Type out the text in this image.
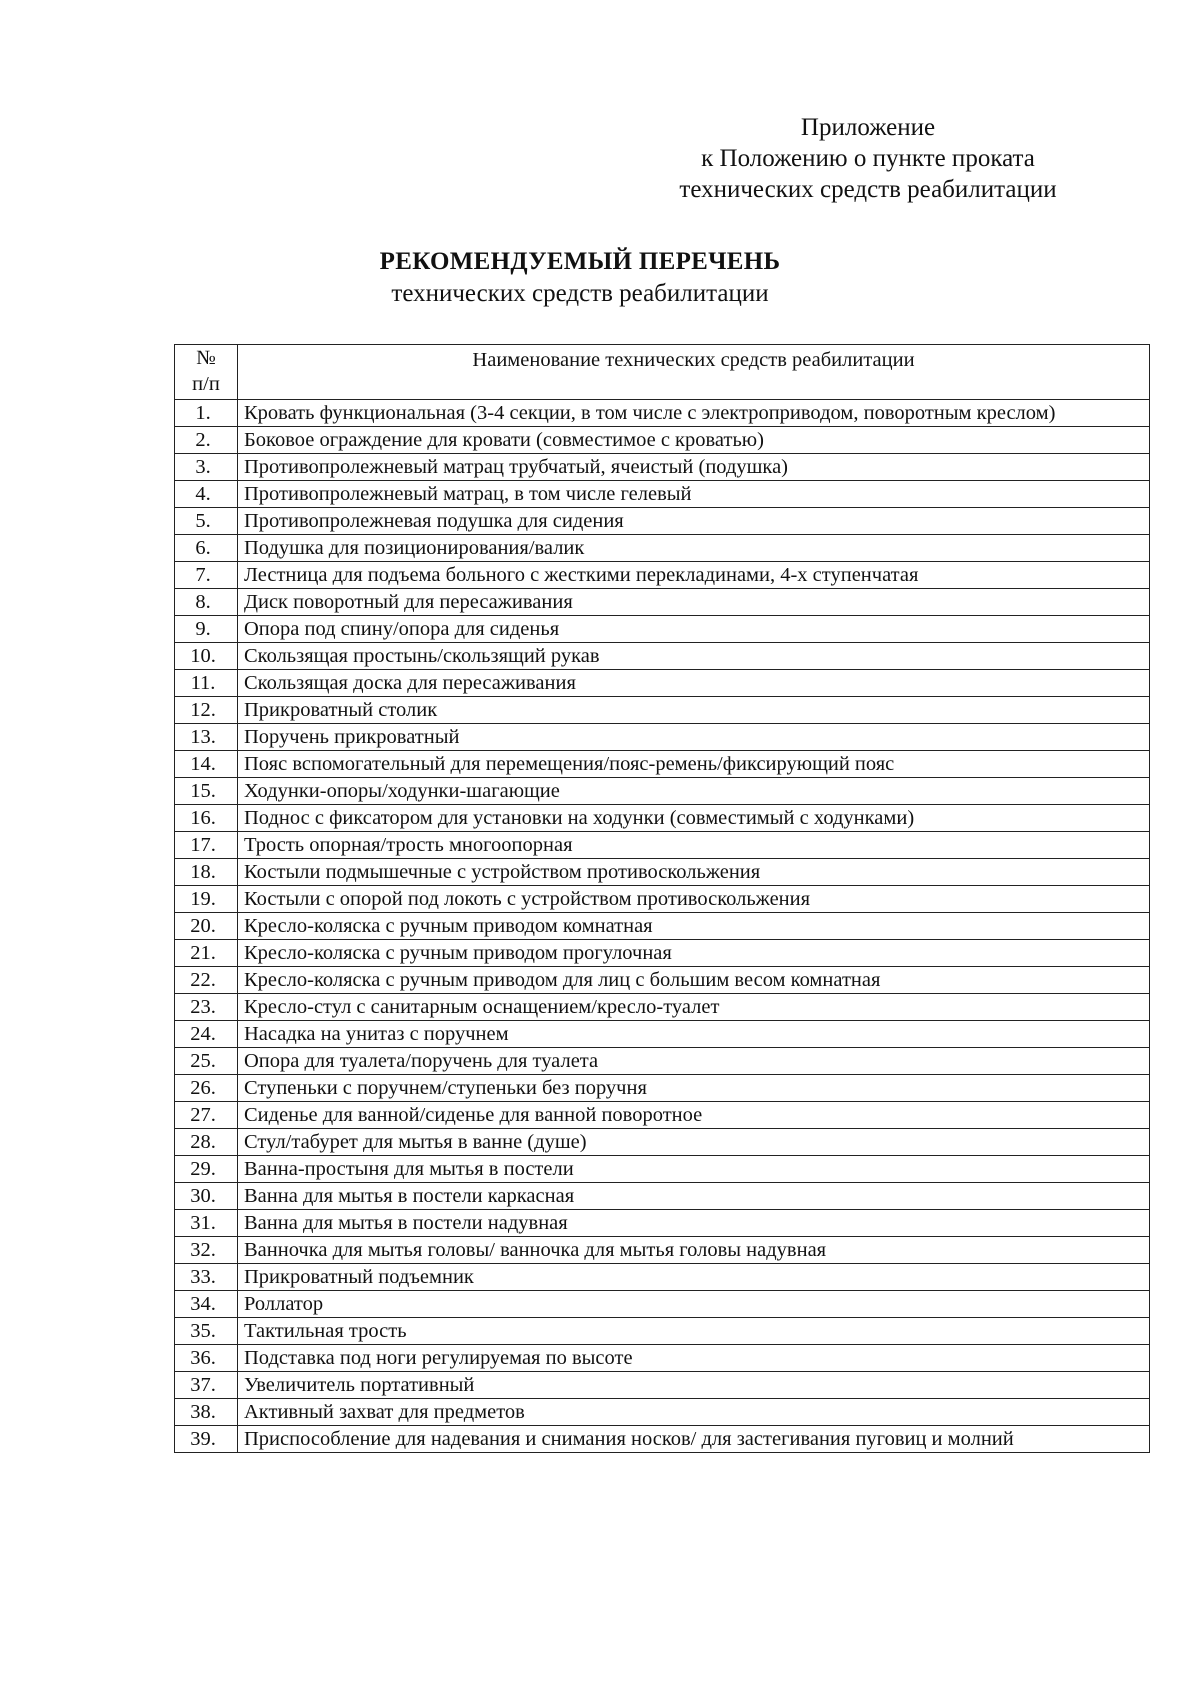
Приложение
к Положению о пункте проката
технических средств реабилитации
РЕКОМЕНДУЕМЫЙ ПЕРЕЧЕНЬ
технических средств реабилитации
№
п/п	Наименование технических средств реабилитации
1.	Кровать функциональная (3-4 секции, в том числе с электроприводом, поворотным креслом)
2.	Боковое ограждение для кровати (совместимое с кроватью)
3.	Противопролежневый матрац трубчатый, ячеистый (подушка)
4.	Противопролежневый матрац, в том числе гелевый
5.	Противопролежневая подушка для сидения
6.	Подушка для позиционирования/валик
7.	Лестница для подъема больного с жесткими перекладинами, 4-х ступенчатая
8.	Диск поворотный для пересаживания
9.	Опора под спину/опора для сиденья
10.	Скользящая простынь/скользящий рукав
11.	Скользящая доска для пересаживания
12.	Прикроватный столик
13.	Поручень прикроватный
14.	Пояс вспомогательный для перемещения/пояс-ремень/фиксирующий пояс
15.	Ходунки-опоры/ходунки-шагающие
16.	Поднос с фиксатором для установки на ходунки (совместимый с ходунками)
17.	Трость опорная/трость многоопорная
18.	Костыли подмышечные с устройством противоскольжения
19.	Костыли с опорой под локоть с устройством противоскольжения
20.	Кресло-коляска с ручным приводом комнатная
21.	Кресло-коляска с ручным приводом прогулочная
22.	Кресло-коляска с ручным приводом для лиц с большим весом комнатная
23.	Кресло-стул с санитарным оснащением/кресло-туалет
24.	Насадка на унитаз с поручнем
25.	Опора для туалета/поручень для туалета
26.	Ступеньки с поручнем/ступеньки без поручня
27.	Сиденье для ванной/сиденье для ванной поворотное
28.	Стул/табурет для мытья в ванне (душе)
29.	Ванна-простыня для мытья в постели
30.	Ванна для мытья в постели каркасная
31.	Ванна для мытья в постели надувная
32.	Ванночка для мытья головы/ ванночка для мытья головы надувная
33.	Прикроватный подъемник
34.	Роллатор
35.	Тактильная трость
36.	Подставка под ноги регулируемая по высоте
37.	Увеличитель портативный
38.	Активный захват для предметов
39.	Приспособление для надевания и снимания носков/ для застегивания пуговиц и молний
